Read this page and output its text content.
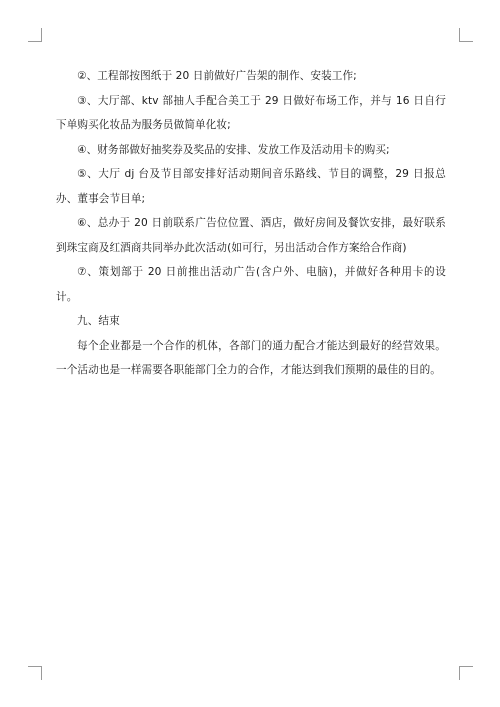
②、工程部按图纸于 20 日前做好广告架的制作、安装工作;

③、大厅部、ktv 部抽人手配合美工于 29 日做好布场工作，并与 16 日自行下单购买化妆品为服务员做简单化妆;

④、财务部做好抽奖券及奖品的安排、发放工作及活动用卡的购买;

⑤、大厅 dj 台及节目部安排好活动期间音乐路线、节目的调整，29 日报总办、董事会节目单;

⑥、总办于 20 日前联系广告位位置、酒店，做好房间及餐饮安排，最好联系到珠宝商及红酒商共同举办此次活动(如可行，另出活动合作方案给合作商)

⑦、策划部于 20 日前推出活动广告(含户外、电脑)，并做好各种用卡的设计。

九、结束

每个企业都是一个合作的机体，各部门的通力配合才能达到最好的经营效果。一个活动也是一样需要各职能部门全力的合作，才能达到我们预期的最佳的目的。
